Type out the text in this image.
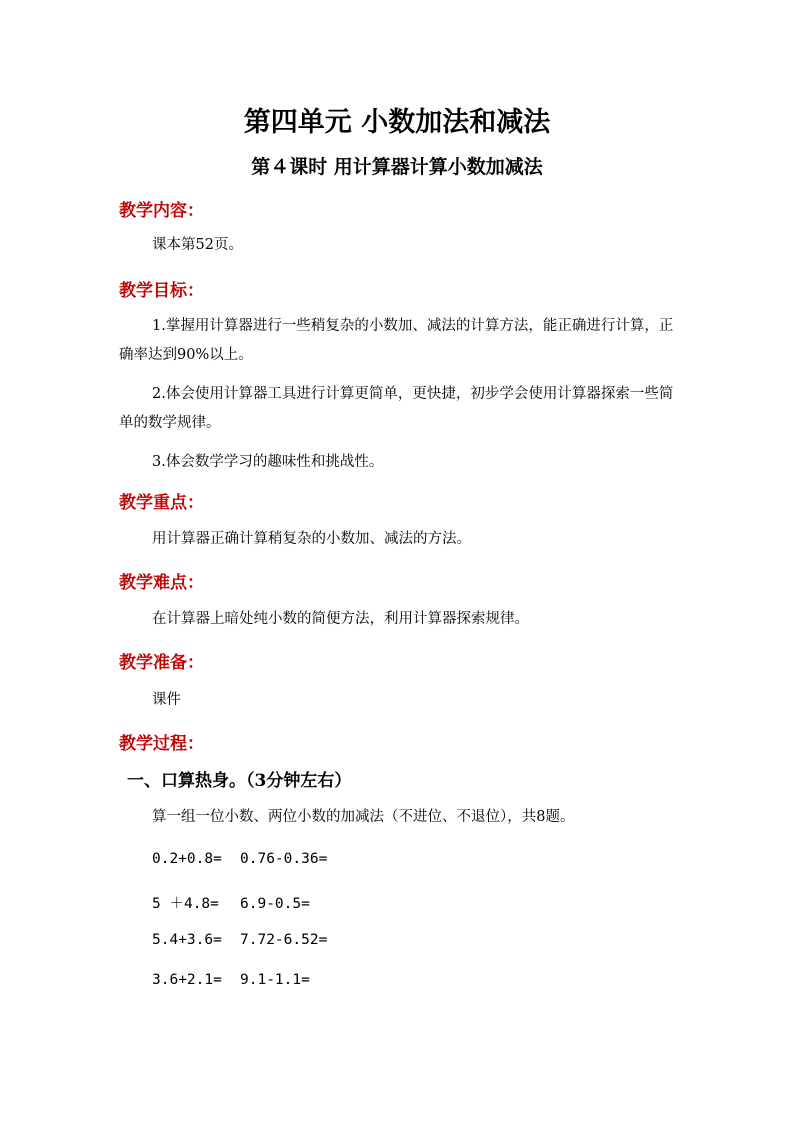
第四单元 小数加法和减法
第４课时 用计算器计算小数加减法
教学内容：
课本第52页。
教学目标：
1.掌握用计算器进行一些稍复杂的小数加、减法的计算方法，能正确进行计算，正确率达到90%以上。
2.体会使用计算器工具进行计算更简单，更快捷，初步学会使用计算器探索一些简单的数学规律。
3.体会数学学习的趣味性和挑战性。
教学重点：
用计算器正确计算稍复杂的小数加、减法的方法。
教学难点：
在计算器上暗处纯小数的简便方法，利用计算器探索规律。
教学准备：
课件
教学过程：
一、口算热身。（3分钟左右）
算一组一位小数、两位小数的加减法（不进位、不退位），共8题。
0.2+0.8= 0.76-0.36=
5 ＋4.8= 6.9-0.5=
5.4+3.6= 7.72-6.52=
3.6+2.1= 9.1-1.1=
